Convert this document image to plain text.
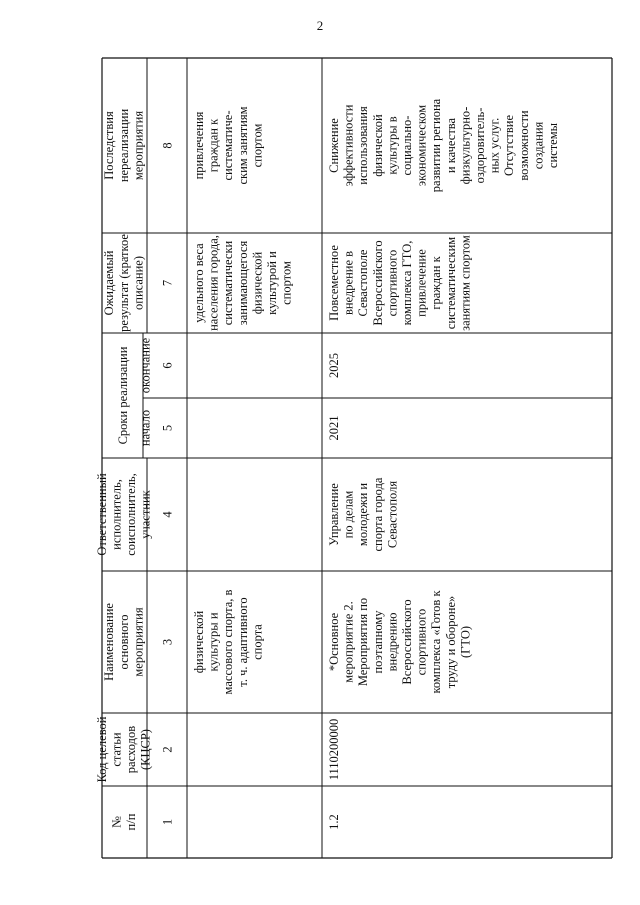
2
№ п/п
Код целевой статьи расходов (КЦСР)
Наименование основного мероприятия
Ответственный исполнитель, соисполнитель, участник
Ожидаемый результат (краткое описание)
Последствия нереализации мероприятия
Сроки реализации начало
окончание
1
2
3
4
5
6
7
8
физической культуры и массового спорта, в т. ч. адаптивного спорта
удельного веса населения города, систематически занимающегося физической культурой и спортом
привлечения граждан к систематиче- ским занятиям спортом
1.2
1110200000
*Основное мероприятие 2. Мероприятия по поэтапному внедрению Всероссийского спортивного комплекса «Готов к труду и обороне» (ГТО)
Управление по делам молодежи и спорта города Севастополя
2021
2025
Повсеместное внедрение в Севастополе Всероссийского спортивного комплекса ГТО, привлечение граждан к систематическим занятиям спортом
Снижение эффективности использования физической культуры в социально- экономическом развитии региона и качества физкультурно- оздоровитель- ных услуг. Отсутствие возможности создания системы
